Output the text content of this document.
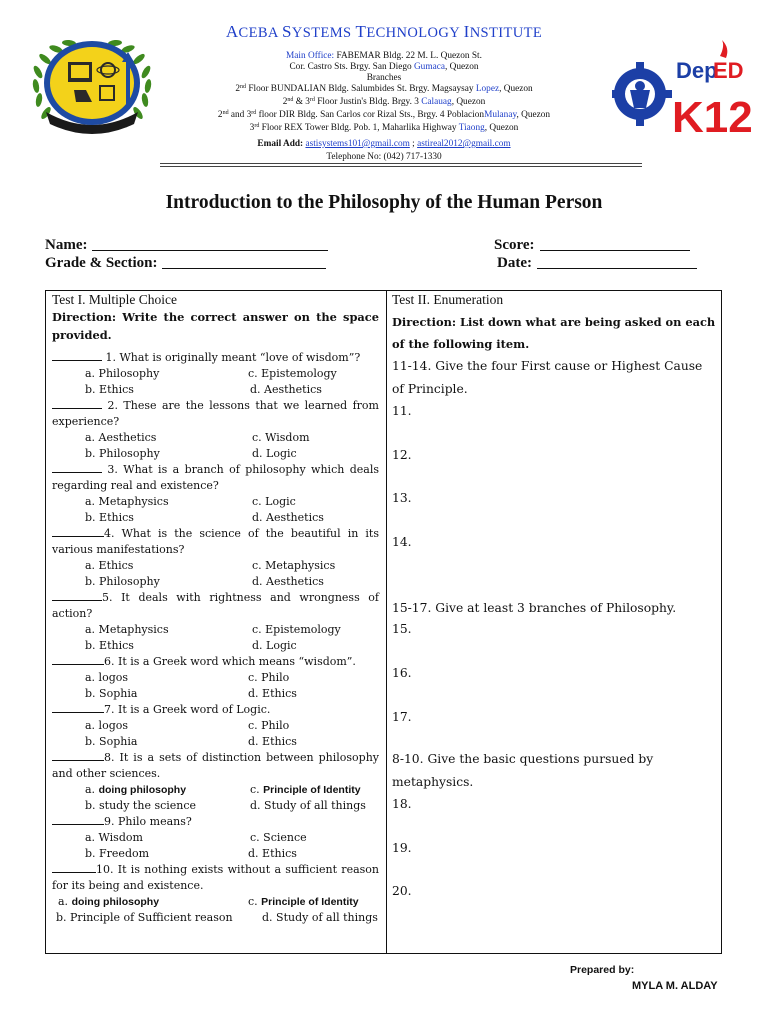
Dep
ED
K12
ACEBA SYSTEMS TECHNOLOGY INSTITUTE
Main Office: FABEMAR Bldg. 22 M. L. Quezon St.
Cor. Castro Sts. Brgy. San Diego Gumaca, Quezon
Branches
2nd Floor BUNDALIAN Bldg. Salumbides St. Brgy. Magsaysay Lopez, Quezon
2nd & 3rd Floor Justin's Bldg. Brgy. 3 Calauag, Quezon
2nd and 3rd floor DIR Bldg. San Carlos cor Rizal Sts., Brgy. 4 PoblacionMulanay, Quezon
3rd Floor REX Tower Bldg. Pob. 1, Maharlika Highway Tiaong, Quezon
Email Add: astisystems101@gmail.com ; astireal2012@gmail.com
Telephone No: (042) 717-1330
Introduction to the Philosophy of the Human Person
Name:	Score:
Grade & Section:	Date:
Test I. Multiple Choice
Direction: Write the correct answer on the space provided.
1. What is originally meant “love of wisdom”?
a. Philosophy	c. Epistemology
b. Ethics	d. Aesthetics
2. These are the lessons that we learned from experience?
a. Aesthetics	c. Wisdom
b. Philosophy	d. Logic
3. What is a branch of philosophy which deals regarding real and existence?
a. Metaphysics	c. Logic
b. Ethics	d. Aesthetics
4. What is the science of the beautiful in its various manifestations?
a. Ethics	c. Metaphysics
b. Philosophy	d. Aesthetics
5. It deals with rightness and wrongness of action?
a. Metaphysics	c. Epistemology
b. Ethics	d. Logic
6. It is a Greek word which means “wisdom”.
a. logos	c. Philo
b. Sophia	d. Ethics
7. It is a Greek word of Logic.
a. logos	c. Philo
b. Sophia	d. Ethics
8. It is a sets of distinction between philosophy and other sciences.
a. doing philosophy	c. Principle of Identity
b. study the science	d. Study of all things
9. Philo means?
a. Wisdom	c. Science
b. Freedom	d. Ethics
10. It is nothing exists without a sufficient reason for its being and existence.
a. doing philosophy	c. Principle of Identity
b. Principle of Sufficient reason	d. Study of all things
Test II. Enumeration
Direction: List down what are being asked on each of the following item.
11-14. Give the four First cause or Highest Cause of Principle.
11.
12.
13.
14.
15-17. Give at least 3 branches of Philosophy.
15.
16.
17.
8-10. Give the basic questions pursued by metaphysics.
18.
19.
20.
Prepared by:
MYLA M. ALDAY
